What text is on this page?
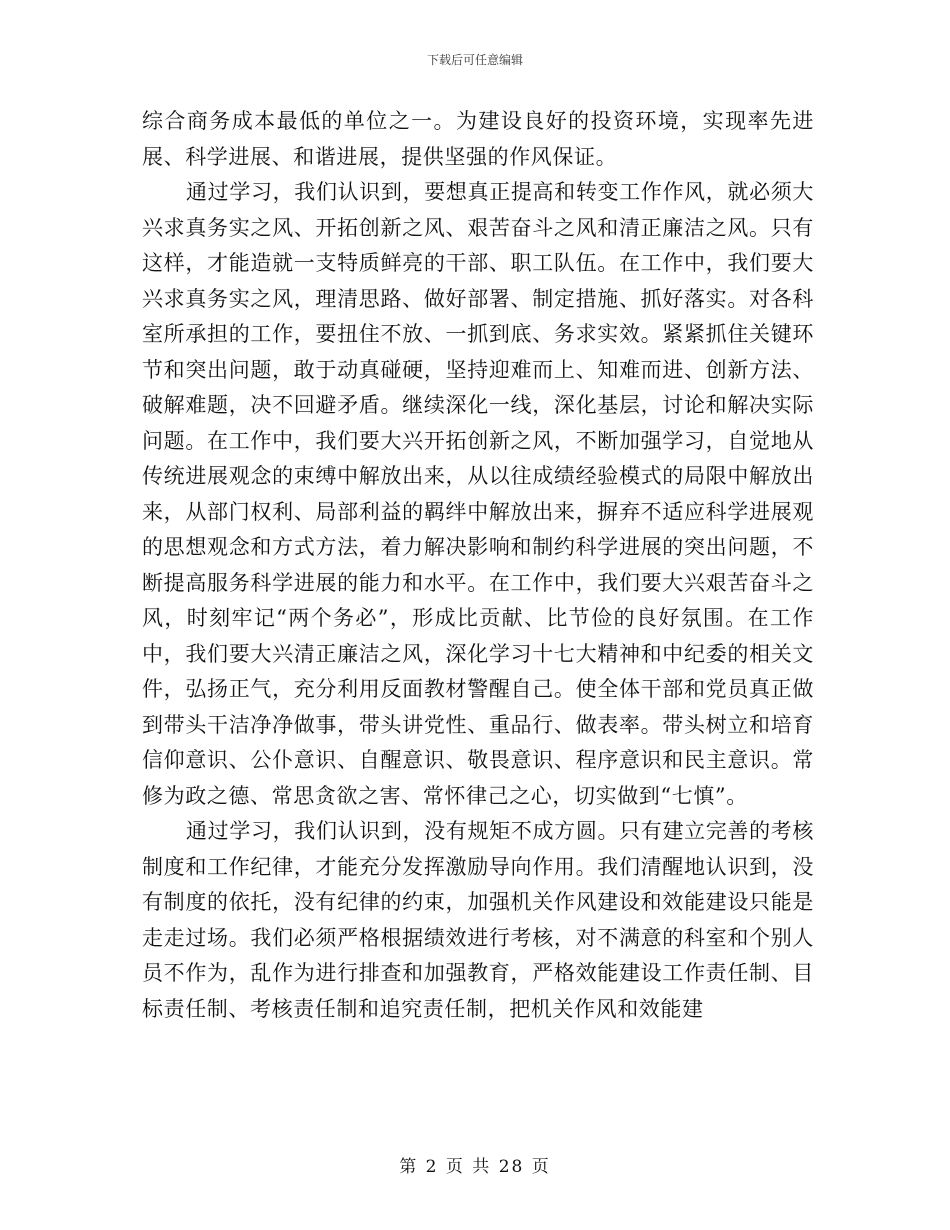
下载后可任意编辑

综合商务成本最低的单位之一。为建设良好的投资环境，实现率先进展、科学进展、和谐进展，提供坚强的作风保证。

通过学习，我们认识到，要想真正提高和转变工作作风，就必须大兴求真务实之风、开拓创新之风、艰苦奋斗之风和清正廉洁之风。只有这样，才能造就一支特质鲜亮的干部、职工队伍。在工作中，我们要大兴求真务实之风，理清思路、做好部署、制定措施、抓好落实。对各科室所承担的工作，要扭住不放、一抓到底、务求实效。紧紧抓住关键环节和突出问题，敢于动真碰硬，坚持迎难而上、知难而进、创新方法、破解难题，决不回避矛盾。继续深化一线，深化基层，讨论和解决实际问题。在工作中，我们要大兴开拓创新之风，不断加强学习，自觉地从传统进展观念的束缚中解放出来，从以往成绩经验模式的局限中解放出来，从部门权利、局部利益的羁绊中解放出来，摒弃不适应科学进展观的思想观念和方式方法，着力解决影响和制约科学进展的突出问题，不断提高服务科学进展的能力和水平。在工作中，我们要大兴艰苦奋斗之风，时刻牢记“两个务必”，形成比贡献、比节俭的良好氛围。在工作中，我们要大兴清正廉洁之风，深化学习十七大精神和中纪委的相关文件，弘扬正气，充分利用反面教材警醒自己。使全体干部和党员真正做到带头干洁净净做事，带头讲党性、重品行、做表率。带头树立和培育信仰意识、公仆意识、自醒意识、敬畏意识、程序意识和民主意识。常修为政之德、常思贪欲之害、常怀律己之心，切实做到“七慎”。

通过学习，我们认识到，没有规矩不成方圆。只有建立完善的考核制度和工作纪律，才能充分发挥激励导向作用。我们清醒地认识到，没有制度的依托，没有纪律的约束，加强机关作风建设和效能建设只能是走走过场。我们必须严格根据绩效进行考核，对不满意的科室和个别人员不作为，乱作为进行排查和加强教育，严格效能建设工作责任制、目标责任制、考核责任制和追究责任制，把机关作风和效能建

第 2 页 共 28 页
